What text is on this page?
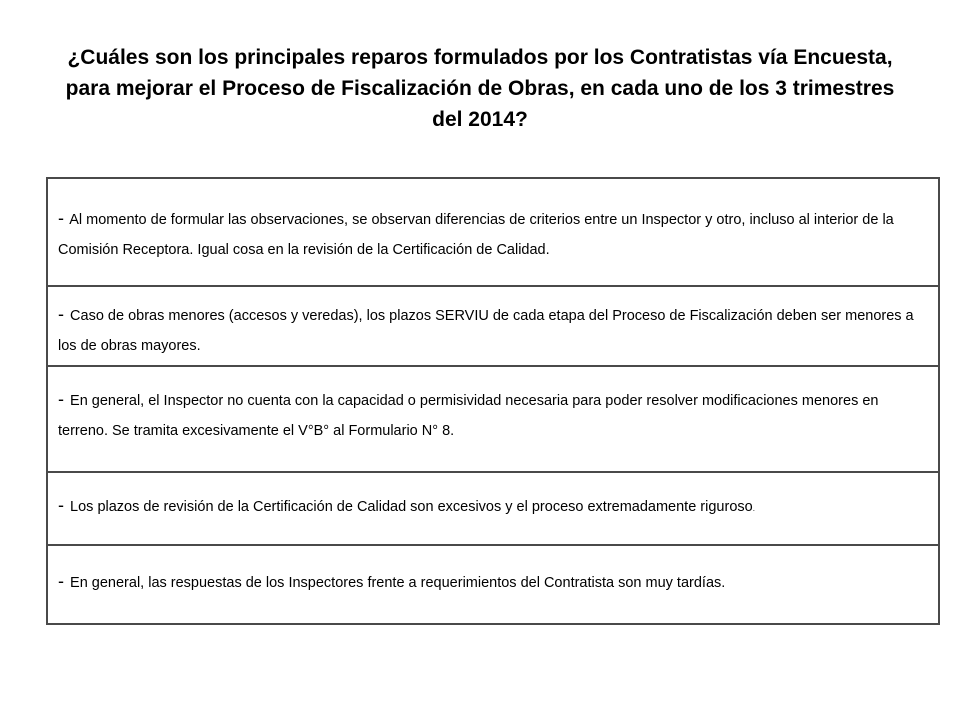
¿Cuáles son los principales reparos formulados por los Contratistas vía Encuesta, para mejorar el Proceso de Fiscalización de Obras, en cada uno de los 3 trimestres del 2014?
- Al momento de formular las observaciones, se observan diferencias de criterios entre un Inspector y otro, incluso al interior de la Comisión Receptora. Igual cosa en la revisión de la Certificación de Calidad.
- Caso de obras menores (accesos y veredas), los plazos SERVIU de cada etapa del Proceso de Fiscalización deben ser menores a los de obras mayores.
- En general, el Inspector no cuenta con la capacidad o permisividad necesaria para poder resolver modificaciones menores en terreno. Se tramita excesivamente el V°B° al Formulario N° 8.
- Los plazos de revisión de la Certificación de Calidad son excesivos y el proceso extremadamente riguroso.
- En general, las respuestas de los Inspectores frente a requerimientos del Contratista son muy tardías.
